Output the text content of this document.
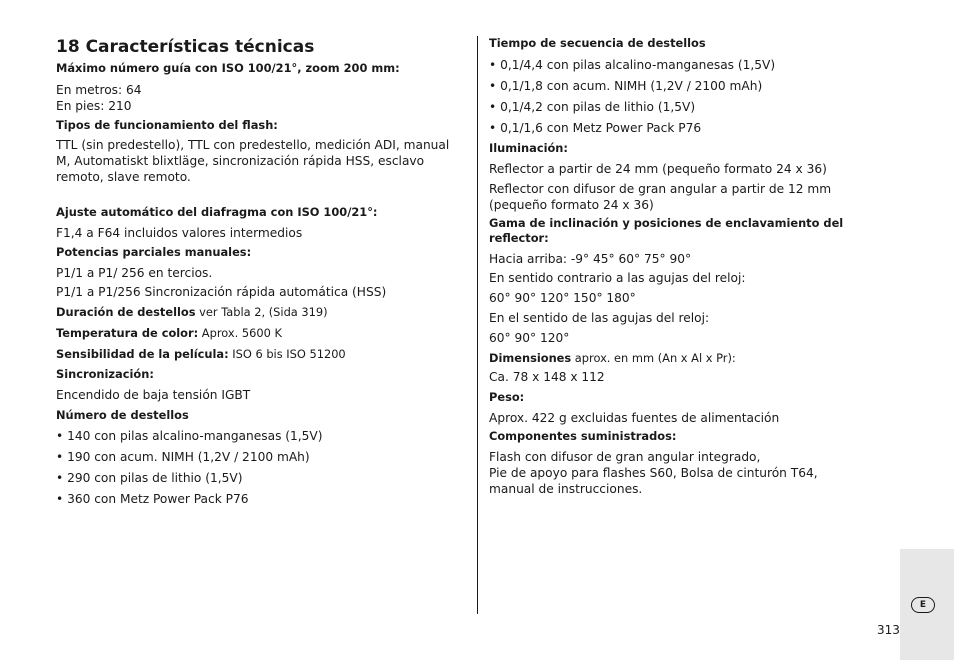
18 Características técnicas

Máximo número guía con ISO 100/21°, zoom 200 mm:

En metros: 64

En pies: 210

Tipos de funcionamiento del flash:

TTL (sin predestello), TTL con predestello, medición ADI, manual M, Automatiskt blixtläge, sincronización rápida HSS, esclavo remoto, slave remoto.

Ajuste automático del diafragma con ISO 100/21°:

F1,4 a F64 incluidos valores intermedios

Potencias parciales manuales:

P1/1 a P1/ 256 en tercios.

P1/1 a P1/256 Sincronización rápida automática (HSS)

Duración de destellos ver Tabla 2, (Sida 319)

Temperatura de color: Aprox. 5600 K

Sensibilidad de la película: ISO 6 bis ISO 51200

Sincronización:

Encendido de baja tensión IGBT

Número de destellos

• 140 con pilas alcalino-manganesas (1,5V)

• 190 con acum. NIMH (1,2V / 2100 mAh)

• 290 con pilas de lithio (1,5V)

• 360 con Metz Power Pack P76

Tiempo de secuencia de destellos

• 0,1/4,4 con pilas alcalino-manganesas (1,5V)

• 0,1/1,8 con acum. NIMH (1,2V / 2100 mAh)

• 0,1/4,2 con pilas de lithio (1,5V)

• 0,1/1,6 con Metz Power Pack P76

Iluminación:

Reflector a partir de 24 mm (pequeño formato 24 x 36)

Reflector con difusor de gran angular a partir de 12 mm

(pequeño formato 24 x 36)

Gama de inclinación y posiciones de enclavamiento del reflector:

Hacia arriba: -9° 45° 60° 75° 90°

En sentido contrario a las agujas del reloj:

60° 90° 120° 150° 180°

En el sentido de las agujas del reloj:

60° 90° 120°

Dimensiones aprox. en mm (An x Al x Pr):

Ca. 78 x 148 x 112

Peso:

Aprox. 422 g excluidas fuentes de alimentación

Componentes suministrados:

Flash con difusor de gran angular integrado,

Pie de apoyo para flashes S60, Bolsa de cinturón T64,

manual de instrucciones.

E
313
